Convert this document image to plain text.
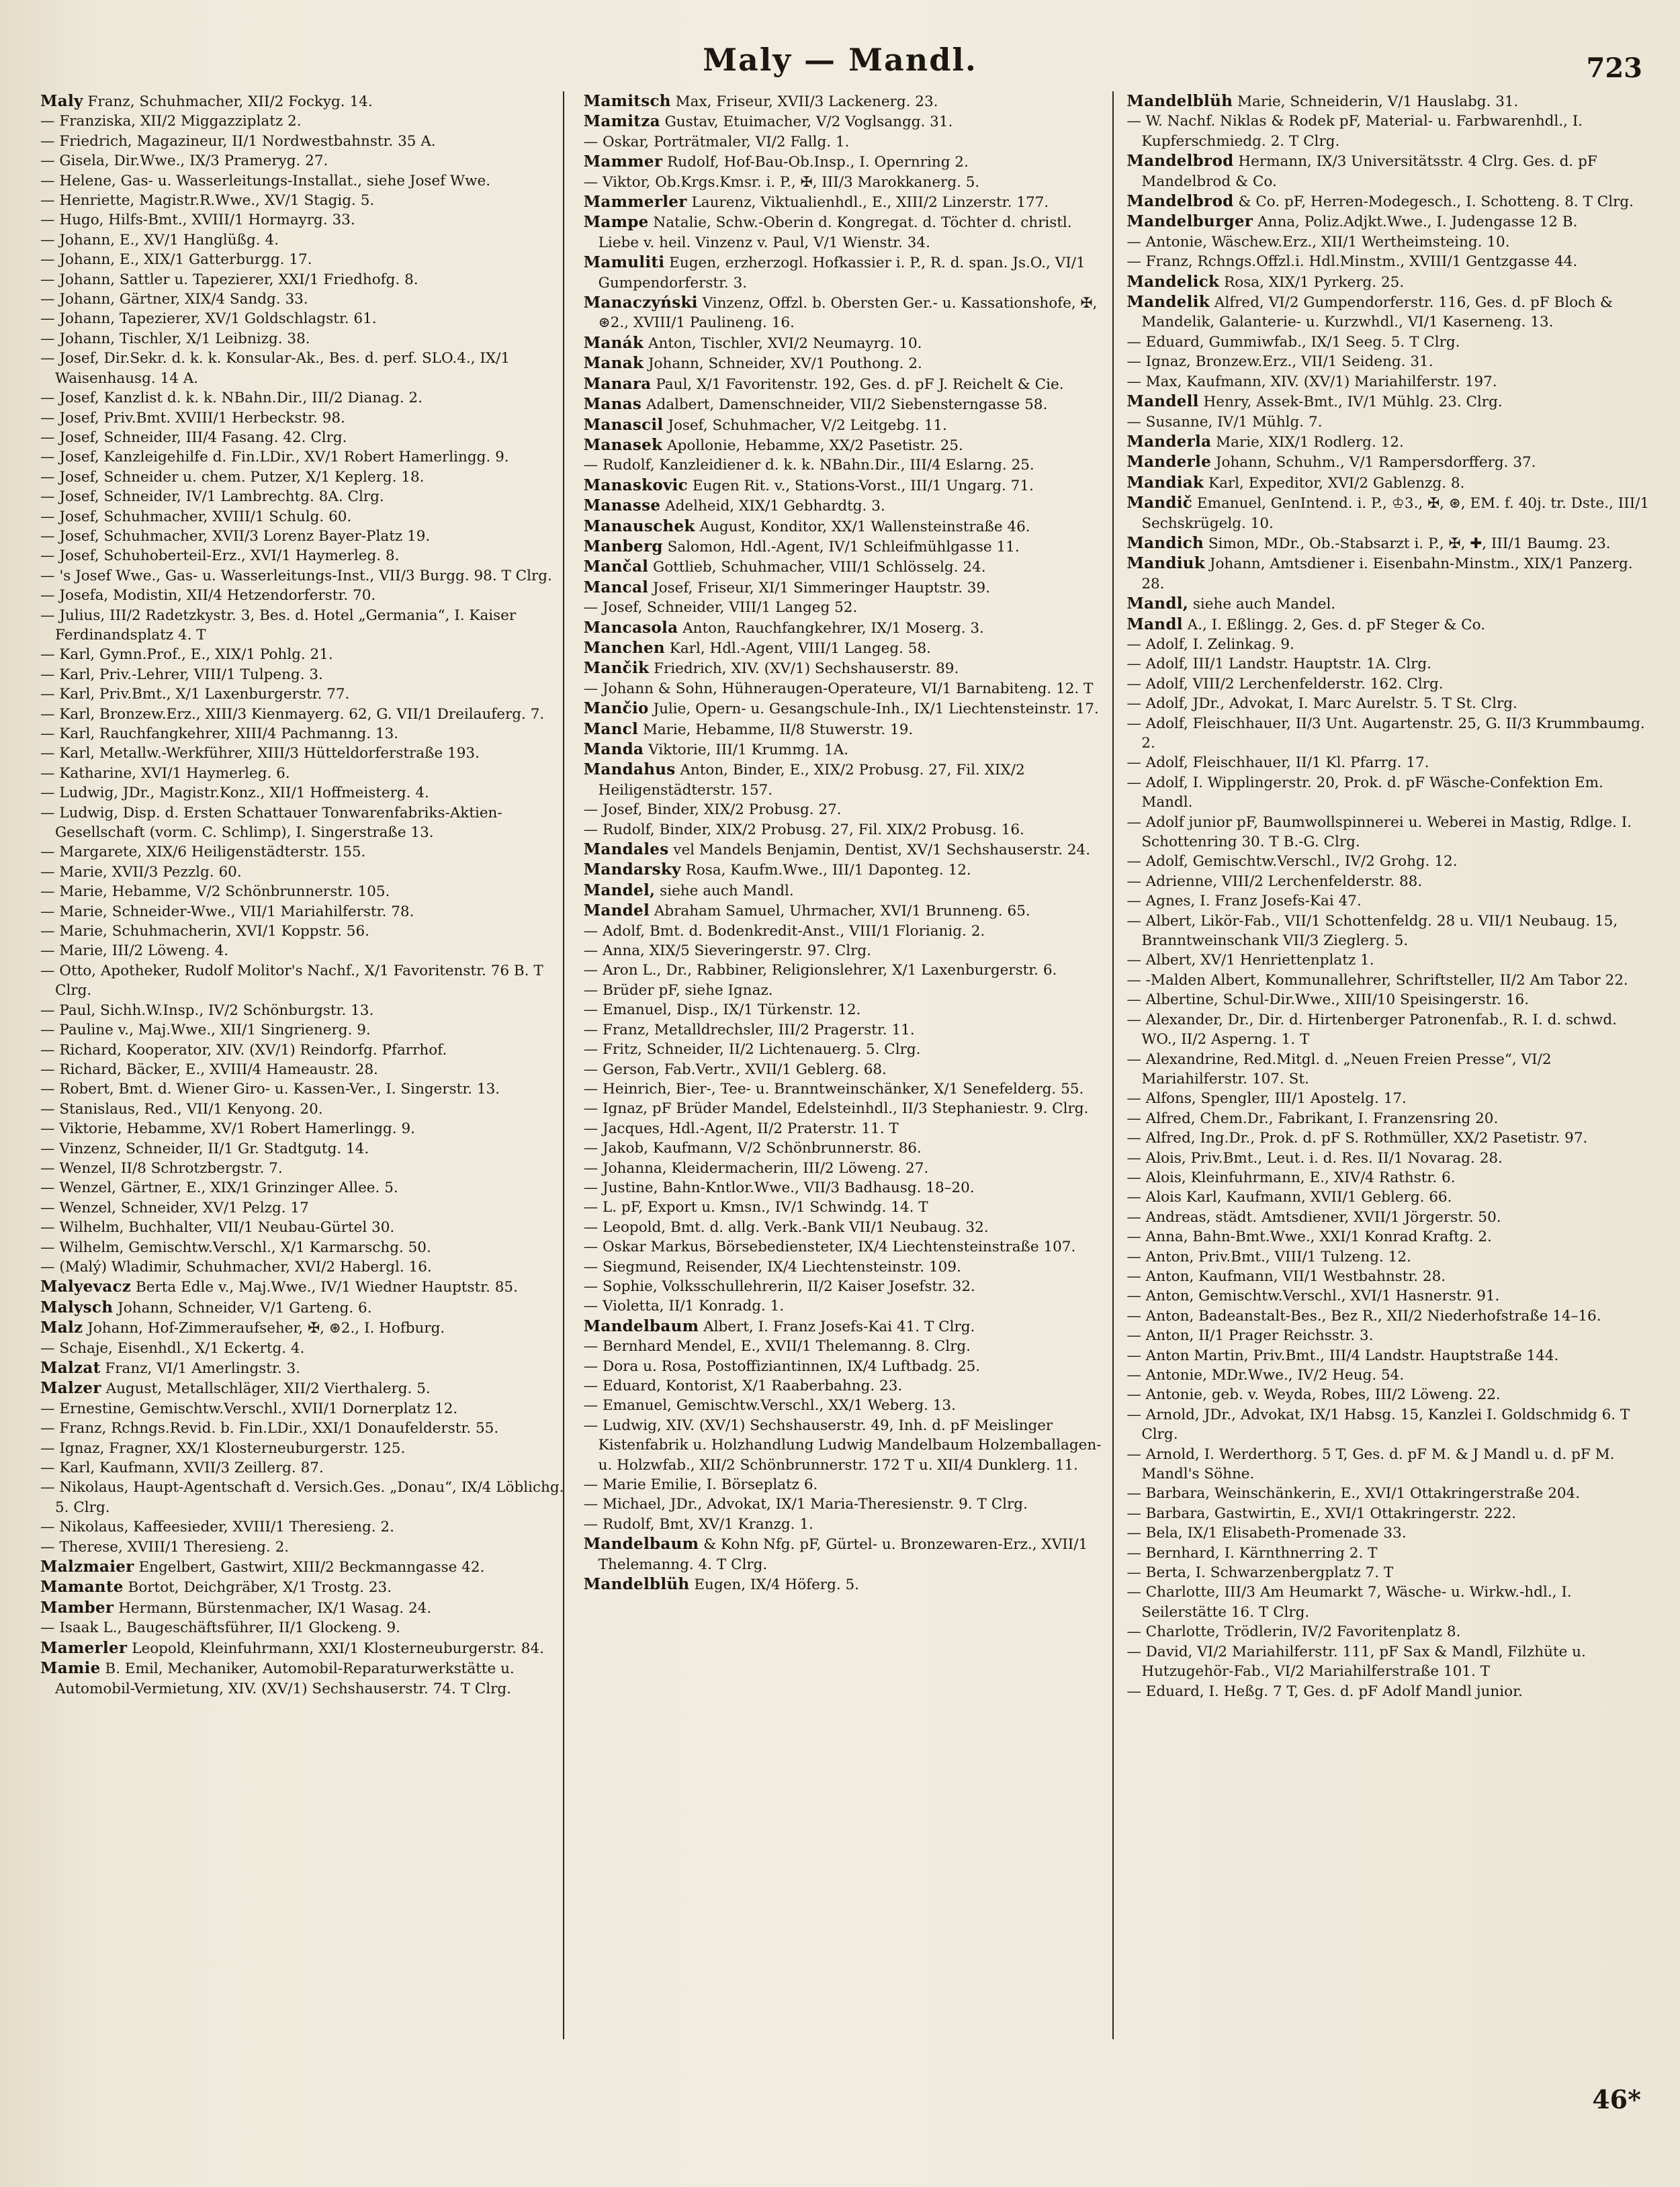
Maly — Mandl.	723

Maly Franz, Schuhmacher, XII/2 Fockyg. 14.

— Franziska, XII/2 Miggazziplatz 2.

— Friedrich, Magazineur, II/1 Nordwestbahnstr. 35 A.

— Gisela, Dir.Wwe., IX/3 Prameryg. 27.

— Helene, Gas- u. Wasserleitungs-Installat., siehe Josef Wwe.

— Henriette, Magistr.R.Wwe., XV/1 Stagig. 5.

— Hugo, Hilfs-Bmt., XVIII/1 Hormayrg. 33.

— Johann, E., XV/1 Hanglüßg. 4.

— Johann, E., XIX/1 Gatterburgg. 17.

— Johann, Sattler u. Tapezierer, XXI/1 Friedhofg. 8.

— Johann, Gärtner, XIX/4 Sandg. 33.

— Johann, Tapezierer, XV/1 Goldschlagstr. 61.

— Johann, Tischler, X/1 Leibnizg. 38.

— Josef, Dir.Sekr. d. k. k. Konsular-Ak., Bes. d. perf. SLO.4., IX/1 Waisenhausg. 14 A.

— Josef, Kanzlist d. k. k. NBahn.Dir., III/2 Dianag. 2.

— Josef, Priv.Bmt. XVIII/1 Herbeckstr. 98.

— Josef, Schneider, III/4 Fasang. 42. Clrg.

— Josef, Kanzleigehilfe d. Fin.LDir., XV/1 Robert Hamerlingg. 9.

— Josef, Schneider u. chem. Putzer, X/1 Keplerg. 18.

— Josef, Schneider, IV/1 Lambrechtg. 8A. Clrg.

— Josef, Schuhmacher, XVIII/1 Schulg. 60.

— Josef, Schuhmacher, XVII/3 Lorenz Bayer-Platz 19.

— Josef, Schuhoberteil-Erz., XVI/1 Haymerleg. 8.

— 's Josef Wwe., Gas- u. Wasserleitungs-Inst., VII/3 Burgg. 98. T Clrg.

— Josefa, Modistin, XII/4 Hetzendorferstr. 70.

— Julius, III/2 Radetzkystr. 3, Bes. d. Hotel „Germania“, I. Kaiser Ferdinandsplatz 4. T

— Karl, Gymn.Prof., E., XIX/1 Pohlg. 21.

— Karl, Priv.-Lehrer, VIII/1 Tulpeng. 3.

— Karl, Priv.Bmt., X/1 Laxenburgerstr. 77.

— Karl, Bronzew.Erz., XIII/3 Kienmayerg. 62, G. VII/1 Dreilauferg. 7.

— Karl, Rauchfangkehrer, XIII/4 Pachmanng. 13.

— Karl, Metallw.-Werkführer, XIII/3 Hütteldorferstraße 193.

— Katharine, XVI/1 Haymerleg. 6.

— Ludwig, JDr., Magistr.Konz., XII/1 Hoffmeisterg. 4.

— Ludwig, Disp. d. Ersten Schattauer Tonwarenfabriks-Aktien-Gesellschaft (vorm. C. Schlimp), I. Singerstraße 13.

— Margarete, XIX/6 Heiligenstädterstr. 155.

— Marie, XVII/3 Pezzlg. 60.

— Marie, Hebamme, V/2 Schönbrunnerstr. 105.

— Marie, Schneider-Wwe., VII/1 Mariahilferstr. 78.

— Marie, Schuhmacherin, XVI/1 Koppstr. 56.

— Marie, III/2 Löweng. 4.

— Otto, Apotheker, Rudolf Molitor's Nachf., X/1 Favoritenstr. 76 B. T Clrg.

— Paul, Sichh.W.Insp., IV/2 Schönburgstr. 13.

— Pauline v., Maj.Wwe., XII/1 Singrienerg. 9.

— Richard, Kooperator, XIV. (XV/1) Reindorfg. Pfarrhof.

— Richard, Bäcker, E., XVIII/4 Hameaustr. 28.

— Robert, Bmt. d. Wiener Giro- u. Kassen-Ver., I. Singerstr. 13.

— Stanislaus, Red., VII/1 Kenyong. 20.

— Viktorie, Hebamme, XV/1 Robert Hamerlingg. 9.

— Vinzenz, Schneider, II/1 Gr. Stadtgutg. 14.

— Wenzel, II/8 Schrotzbergstr. 7.

— Wenzel, Gärtner, E., XIX/1 Grinzinger Allee. 5.

— Wenzel, Schneider, XV/1 Pelzg. 17

— Wilhelm, Buchhalter, VII/1 Neubau-Gürtel 30.

— Wilhelm, Gemischtw.Verschl., X/1 Karmarschg. 50.

— (Malý) Wladimir, Schuhmacher, XVI/2 Habergl. 16.

Malyevacz Berta Edle v., Maj.Wwe., IV/1 Wiedner Hauptstr. 85.

Malysch Johann, Schneider, V/1 Garteng. 6.

Malz Johann, Hof-Zimmeraufseher, ✠, ⊛2., I. Hofburg.

— Schaje, Eisenhdl., X/1 Eckertg. 4.

Malzat Franz, VI/1 Amerlingstr. 3.

Malzer August, Metallschläger, XII/2 Vierthalerg. 5.

— Ernestine, Gemischtw.Verschl., XVII/1 Dornerplatz 12.

— Franz, Rchngs.Revid. b. Fin.LDir., XXI/1 Donaufelderstr. 55.

— Ignaz, Fragner, XX/1 Klosterneuburgerstr. 125.

— Karl, Kaufmann, XVII/3 Zeillerg. 87.

— Nikolaus, Haupt-Agentschaft d. Versich.Ges. „Donau“, IX/4 Löblichg. 5. Clrg.

— Nikolaus, Kaffeesieder, XVIII/1 Theresieng. 2.

— Therese, XVIII/1 Theresieng. 2.

Malzmaier Engelbert, Gastwirt, XIII/2 Beckmanngasse 42.

Mamante Bortot, Deichgräber, X/1 Trostg. 23.

Mamber Hermann, Bürstenmacher, IX/1 Wasag. 24.

— Isaak L., Baugeschäftsführer, II/1 Glockeng. 9.

Mamerler Leopold, Kleinfuhrmann, XXI/1 Klosterneuburgerstr. 84.

Mamie B. Emil, Mechaniker, Automobil-Reparaturwerkstätte u. Automobil-Vermietung, XIV. (XV/1) Sechshauserstr. 74. T Clrg.

Mamitsch Max, Friseur, XVII/3 Lackenerg. 23.

Mamitza Gustav, Etuimacher, V/2 Voglsangg. 31.

— Oskar, Porträtmaler, VI/2 Fallg. 1.

Mammer Rudolf, Hof-Bau-Ob.Insp., I. Opernring 2.

— Viktor, Ob.Krgs.Kmsr. i. P., ✠, III/3 Marokkanerg. 5.

Mammerler Laurenz, Viktualienhdl., E., XIII/2 Linzerstr. 177.

Mampe Natalie, Schw.-Oberin d. Kongregat. d. Töchter d. christl. Liebe v. heil. Vinzenz v. Paul, V/1 Wienstr. 34.

Mamuliti Eugen, erzherzogl. Hofkassier i. P., R. d. span. Js.O., VI/1 Gumpendorferstr. 3.

Manaczyński Vinzenz, Offzl. b. Obersten Ger.- u. Kassationshofe, ✠, ⊛2., XVIII/1 Paulineng. 16.

Manák Anton, Tischler, XVI/2 Neumayrg. 10.

Manak Johann, Schneider, XV/1 Pouthong. 2.

Manara Paul, X/1 Favoritenstr. 192, Ges. d. pF J. Reichelt & Cie.

Manas Adalbert, Damenschneider, VII/2 Siebensterngasse 58.

Manascil Josef, Schuhmacher, V/2 Leitgebg. 11.

Manasek Apollonie, Hebamme, XX/2 Pasetistr. 25.

— Rudolf, Kanzleidiener d. k. k. NBahn.Dir., III/4 Eslarng. 25.

Manaskovic Eugen Rit. v., Stations-Vorst., III/1 Ungarg. 71.

Manasse Adelheid, XIX/1 Gebhardtg. 3.

Manauschek August, Konditor, XX/1 Wallensteinstraße 46.

Manberg Salomon, Hdl.-Agent, IV/1 Schleifmühlgasse 11.

Mančal Gottlieb, Schuhmacher, VIII/1 Schlösselg. 24.

Mancal Josef, Friseur, XI/1 Simmeringer Hauptstr. 39.

— Josef, Schneider, VIII/1 Langeg 52.

Mancasola Anton, Rauchfangkehrer, IX/1 Moserg. 3.

Manchen Karl, Hdl.-Agent, VIII/1 Langeg. 58.

Mančik Friedrich, XIV. (XV/1) Sechshauserstr. 89.

— Johann & Sohn, Hühneraugen-Operateure, VI/1 Barnabiteng. 12. T

Mančio Julie, Opern- u. Gesangschule-Inh., IX/1 Liechtensteinstr. 17.

Mancl Marie, Hebamme, II/8 Stuwerstr. 19.

Manda Viktorie, III/1 Krummg. 1A.

Mandahus Anton, Binder, E., XIX/2 Probusg. 27, Fil. XIX/2 Heiligenstädterstr. 157.

— Josef, Binder, XIX/2 Probusg. 27.

— Rudolf, Binder, XIX/2 Probusg. 27, Fil. XIX/2 Probusg. 16.

Mandales vel Mandels Benjamin, Dentist, XV/1 Sechshauserstr. 24.

Mandarsky Rosa, Kaufm.Wwe., III/1 Daponteg. 12.

Mandel, siehe auch Mandl.

Mandel Abraham Samuel, Uhrmacher, XVI/1 Brunneng. 65.

— Adolf, Bmt. d. Bodenkredit-Anst., VIII/1 Florianig. 2.

— Anna, XIX/5 Sieveringerstr. 97. Clrg.

— Aron L., Dr., Rabbiner, Religionslehrer, X/1 Laxenburgerstr. 6.

— Brüder pF, siehe Ignaz.

— Emanuel, Disp., IX/1 Türkenstr. 12.

— Franz, Metalldrechsler, III/2 Pragerstr. 11.

— Fritz, Schneider, II/2 Lichtenauerg. 5. Clrg.

— Gerson, Fab.Vertr., XVII/1 Geblerg. 68.

— Heinrich, Bier-, Tee- u. Branntweinschänker, X/1 Senefelderg. 55.

— Ignaz, pF Brüder Mandel, Edelsteinhdl., II/3 Stephaniestr. 9. Clrg.

— Jacques, Hdl.-Agent, II/2 Praterstr. 11. T

— Jakob, Kaufmann, V/2 Schönbrunnerstr. 86.

— Johanna, Kleidermacherin, III/2 Löweng. 27.

— Justine, Bahn-Kntlor.Wwe., VII/3 Badhausg. 18–20.

— L. pF, Export u. Kmsn., IV/1 Schwindg. 14. T

— Leopold, Bmt. d. allg. Verk.-Bank VII/1 Neubaug. 32.

— Oskar Markus, Börsebediensteter, IX/4 Liechtensteinstraße 107.

— Siegmund, Reisender, IX/4 Liechtensteinstr. 109.

— Sophie, Volksschullehrerin, II/2 Kaiser Josefstr. 32.

— Violetta, II/1 Konradg. 1.

Mandelbaum Albert, I. Franz Josefs-Kai 41. T Clrg.

— Bernhard Mendel, E., XVII/1 Thelemanng. 8. Clrg.

— Dora u. Rosa, Postoffiziantinnen, IX/4 Luftbadg. 25.

— Eduard, Kontorist, X/1 Raaberbahng. 23.

— Emanuel, Gemischtw.Verschl., XX/1 Weberg. 13.

— Ludwig, XIV. (XV/1) Sechshauserstr. 49, Inh. d. pF Meislinger Kistenfabrik u. Holzhandlung Ludwig Mandelbaum Holzemballagen- u. Holzwfab., XII/2 Schönbrunnerstr. 172 T u. XII/4 Dunklerg. 11.

— Marie Emilie, I. Börseplatz 6.

— Michael, JDr., Advokat, IX/1 Maria-Theresienstr. 9. T Clrg.

— Rudolf, Bmt, XV/1 Kranzg. 1.

Mandelbaum & Kohn Nfg. pF, Gürtel- u. Bronzewaren-Erz., XVII/1 Thelemanng. 4. T Clrg.

Mandelblüh Eugen, IX/4 Höferg. 5.

Mandelblüh Marie, Schneiderin, V/1 Hauslabg. 31.

— W. Nachf. Niklas & Rodek pF, Material- u. Farbwarenhdl., I. Kupferschmiedg. 2. T Clrg.

Mandelbrod Hermann, IX/3 Universitätsstr. 4 Clrg. Ges. d. pF Mandelbrod & Co.

Mandelbrod & Co. pF, Herren-Modegesch., I. Schotteng. 8. T Clrg.

Mandelburger Anna, Poliz.Adjkt.Wwe., I. Judengasse 12 B.

— Antonie, Wäschew.Erz., XII/1 Wertheimsteing. 10.

— Franz, Rchngs.Offzl.i. Hdl.Minstm., XVIII/1 Gentzgasse 44.

Mandelick Rosa, XIX/1 Pyrkerg. 25.

Mandelik Alfred, VI/2 Gumpendorferstr. 116, Ges. d. pF Bloch & Mandelik, Galanterie- u. Kurzwhdl., VI/1 Kaserneng. 13.

— Eduard, Gummiwfab., IX/1 Seeg. 5. T Clrg.

— Ignaz, Bronzew.Erz., VII/1 Seideng. 31.

— Max, Kaufmann, XIV. (XV/1) Mariahilferstr. 197.

Mandell Henry, Assek-Bmt., IV/1 Mühlg. 23. Clrg.

— Susanne, IV/1 Mühlg. 7.

Manderla Marie, XIX/1 Rodlerg. 12.

Manderle Johann, Schuhm., V/1 Rampersdorfferg. 37.

Mandiak Karl, Expeditor, XVI/2 Gablenzg. 8.

Mandič Emanuel, GenIntend. i. P., ♔3., ✠, ⊛, EM. f. 40j. tr. Dste., III/1 Sechskrügelg. 10.

Mandich Simon, MDr., Ob.-Stabsarzt i. P., ✠, ✚, III/1 Baumg. 23.

Mandiuk Johann, Amtsdiener i. Eisenbahn-Minstm., XIX/1 Panzerg. 28.

Mandl, siehe auch Mandel.

Mandl A., I. Eßlingg. 2, Ges. d. pF Steger & Co.

— Adolf, I. Zelinkag. 9.

— Adolf, III/1 Landstr. Hauptstr. 1A. Clrg.

— Adolf, VIII/2 Lerchenfelderstr. 162. Clrg.

— Adolf, JDr., Advokat, I. Marc Aurelstr. 5. T St. Clrg.

— Adolf, Fleischhauer, II/3 Unt. Augartenstr. 25, G. II/3 Krummbaumg. 2.

— Adolf, Fleischhauer, II/1 Kl. Pfarrg. 17.

— Adolf, I. Wipplingerstr. 20, Prok. d. pF Wäsche-Confektion Em. Mandl.

— Adolf junior pF, Baumwollspinnerei u. Weberei in Mastig, Rdlge. I. Schottenring 30. T B.-G. Clrg.

— Adolf, Gemischtw.Verschl., IV/2 Grohg. 12.

— Adrienne, VIII/2 Lerchenfelderstr. 88.

— Agnes, I. Franz Josefs-Kai 47.

— Albert, Likör-Fab., VII/1 Schottenfeldg. 28 u. VII/1 Neubaug. 15, Branntweinschank VII/3 Zieglerg. 5.

— Albert, XV/1 Henriettenplatz 1.

— -Malden Albert, Kommunallehrer, Schriftsteller, II/2 Am Tabor 22.

— Albertine, Schul-Dir.Wwe., XIII/10 Speisingerstr. 16.

— Alexander, Dr., Dir. d. Hirtenberger Patronenfab., R. I. d. schwd. WO., II/2 Asperng. 1. T

— Alexandrine, Red.Mitgl. d. „Neuen Freien Presse“, VI/2 Mariahilferstr. 107. St.

— Alfons, Spengler, III/1 Apostelg. 17.

— Alfred, Chem.Dr., Fabrikant, I. Franzensring 20.

— Alfred, Ing.Dr., Prok. d. pF S. Rothmüller, XX/2 Pasetistr. 97.

— Alois, Priv.Bmt., Leut. i. d. Res. II/1 Novarag. 28.

— Alois, Kleinfuhrmann, E., XIV/4 Rathstr. 6.

— Alois Karl, Kaufmann, XVII/1 Geblerg. 66.

— Andreas, städt. Amtsdiener, XVII/1 Jörgerstr. 50.

— Anna, Bahn-Bmt.Wwe., XXI/1 Konrad Kraftg. 2.

— Anton, Priv.Bmt., VIII/1 Tulzeng. 12.

— Anton, Kaufmann, VII/1 Westbahnstr. 28.

— Anton, Gemischtw.Verschl., XVI/1 Hasnerstr. 91.

— Anton, Badeanstalt-Bes., Bez R., XII/2 Niederhofstraße 14–16.

— Anton, II/1 Prager Reichsstr. 3.

— Anton Martin, Priv.Bmt., III/4 Landstr. Hauptstraße 144.

— Antonie, MDr.Wwe., IV/2 Heug. 54.

— Antonie, geb. v. Weyda, Robes, III/2 Löweng. 22.

— Arnold, JDr., Advokat, IX/1 Habsg. 15, Kanzlei I. Goldschmidg 6. T Clrg.

— Arnold, I. Werderthorg. 5 T, Ges. d. pF M. & J Mandl u. d. pF M. Mandl's Söhne.

— Barbara, Weinschänkerin, E., XVI/1 Ottakringerstraße 204.

— Barbara, Gastwirtin, E., XVI/1 Ottakringerstr. 222.

— Bela, IX/1 Elisabeth-Promenade 33.

— Bernhard, I. Kärnthnerring 2. T

— Berta, I. Schwarzenbergplatz 7. T

— Charlotte, III/3 Am Heumarkt 7, Wäsche- u. Wirkw.-hdl., I. Seilerstätte 16. T Clrg.

— Charlotte, Trödlerin, IV/2 Favoritenplatz 8.

— David, VI/2 Mariahilferstr. 111, pF Sax & Mandl, Filzhüte u. Hutzugehör-Fab., VI/2 Mariahilferstraße 101. T

— Eduard, I. Heßg. 7 T, Ges. d. pF Adolf Mandl junior.

46*
